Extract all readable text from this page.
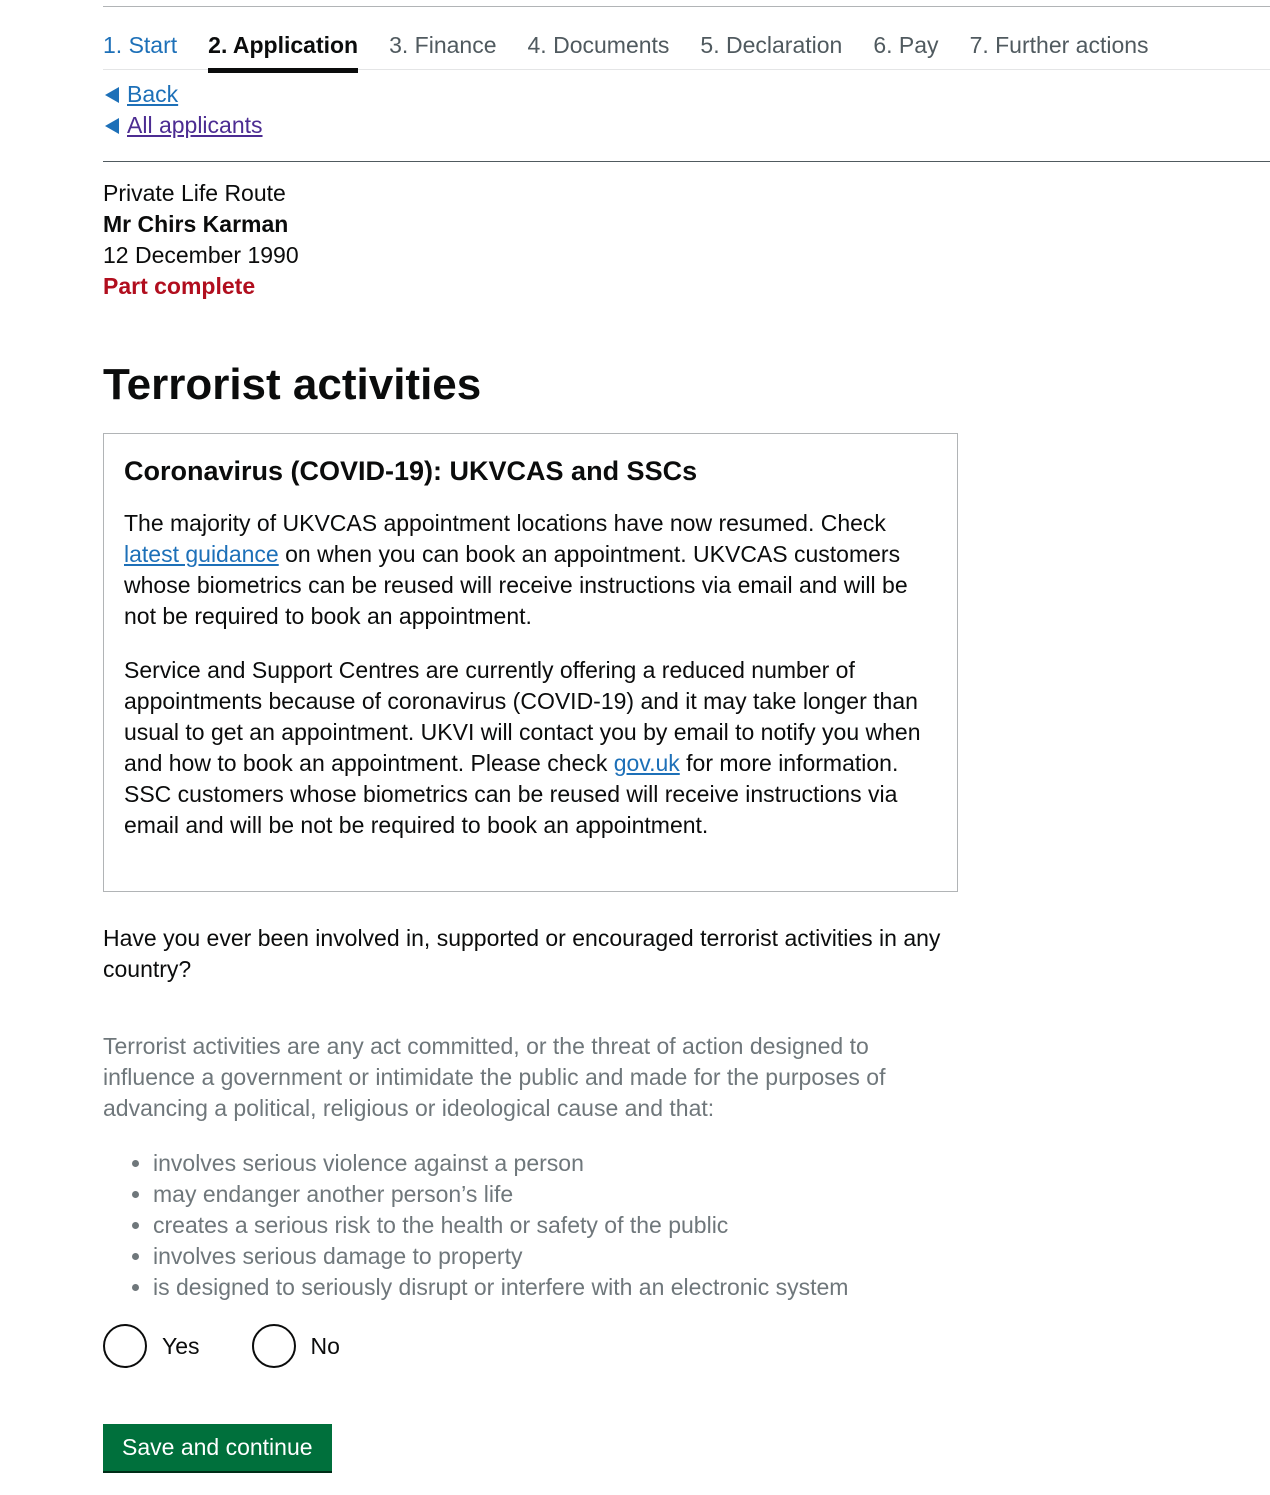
1. Start 2. Application 3. Finance 4. Documents 5. Declaration 6. Pay 7. Further actions
Back
All applicants
Private Life Route
Mr Chirs Karman
12 December 1990
Part complete
Terrorist activities
Coronavirus (COVID-19): UKVCAS and SSCs

The majority of UKVCAS appointment locations have now resumed. Check latest guidance on when you can book an appointment. UKVCAS customers whose biometrics can be reused will receive instructions via email and will be not be required to book an appointment.

Service and Support Centres are currently offering a reduced number of appointments because of coronavirus (COVID-19) and it may take longer than usual to get an appointment. UKVI will contact you by email to notify you when and how to book an appointment. Please check gov.uk for more information. SSC customers whose biometrics can be reused will receive instructions via email and will be not be required to book an appointment.

Have you ever been involved in, supported or encouraged terrorist activities in any country?

Terrorist activities are any act committed, or the threat of action designed to influence a government or intimidate the public and made for the purposes of advancing a political, religious or ideological cause and that:

• involves serious violence against a person
• may endanger another person’s life
• creates a serious risk to the health or safety of the public
• involves serious damage to property
• is designed to seriously disrupt or interfere with an electronic system
Yes	No
Save and continue
